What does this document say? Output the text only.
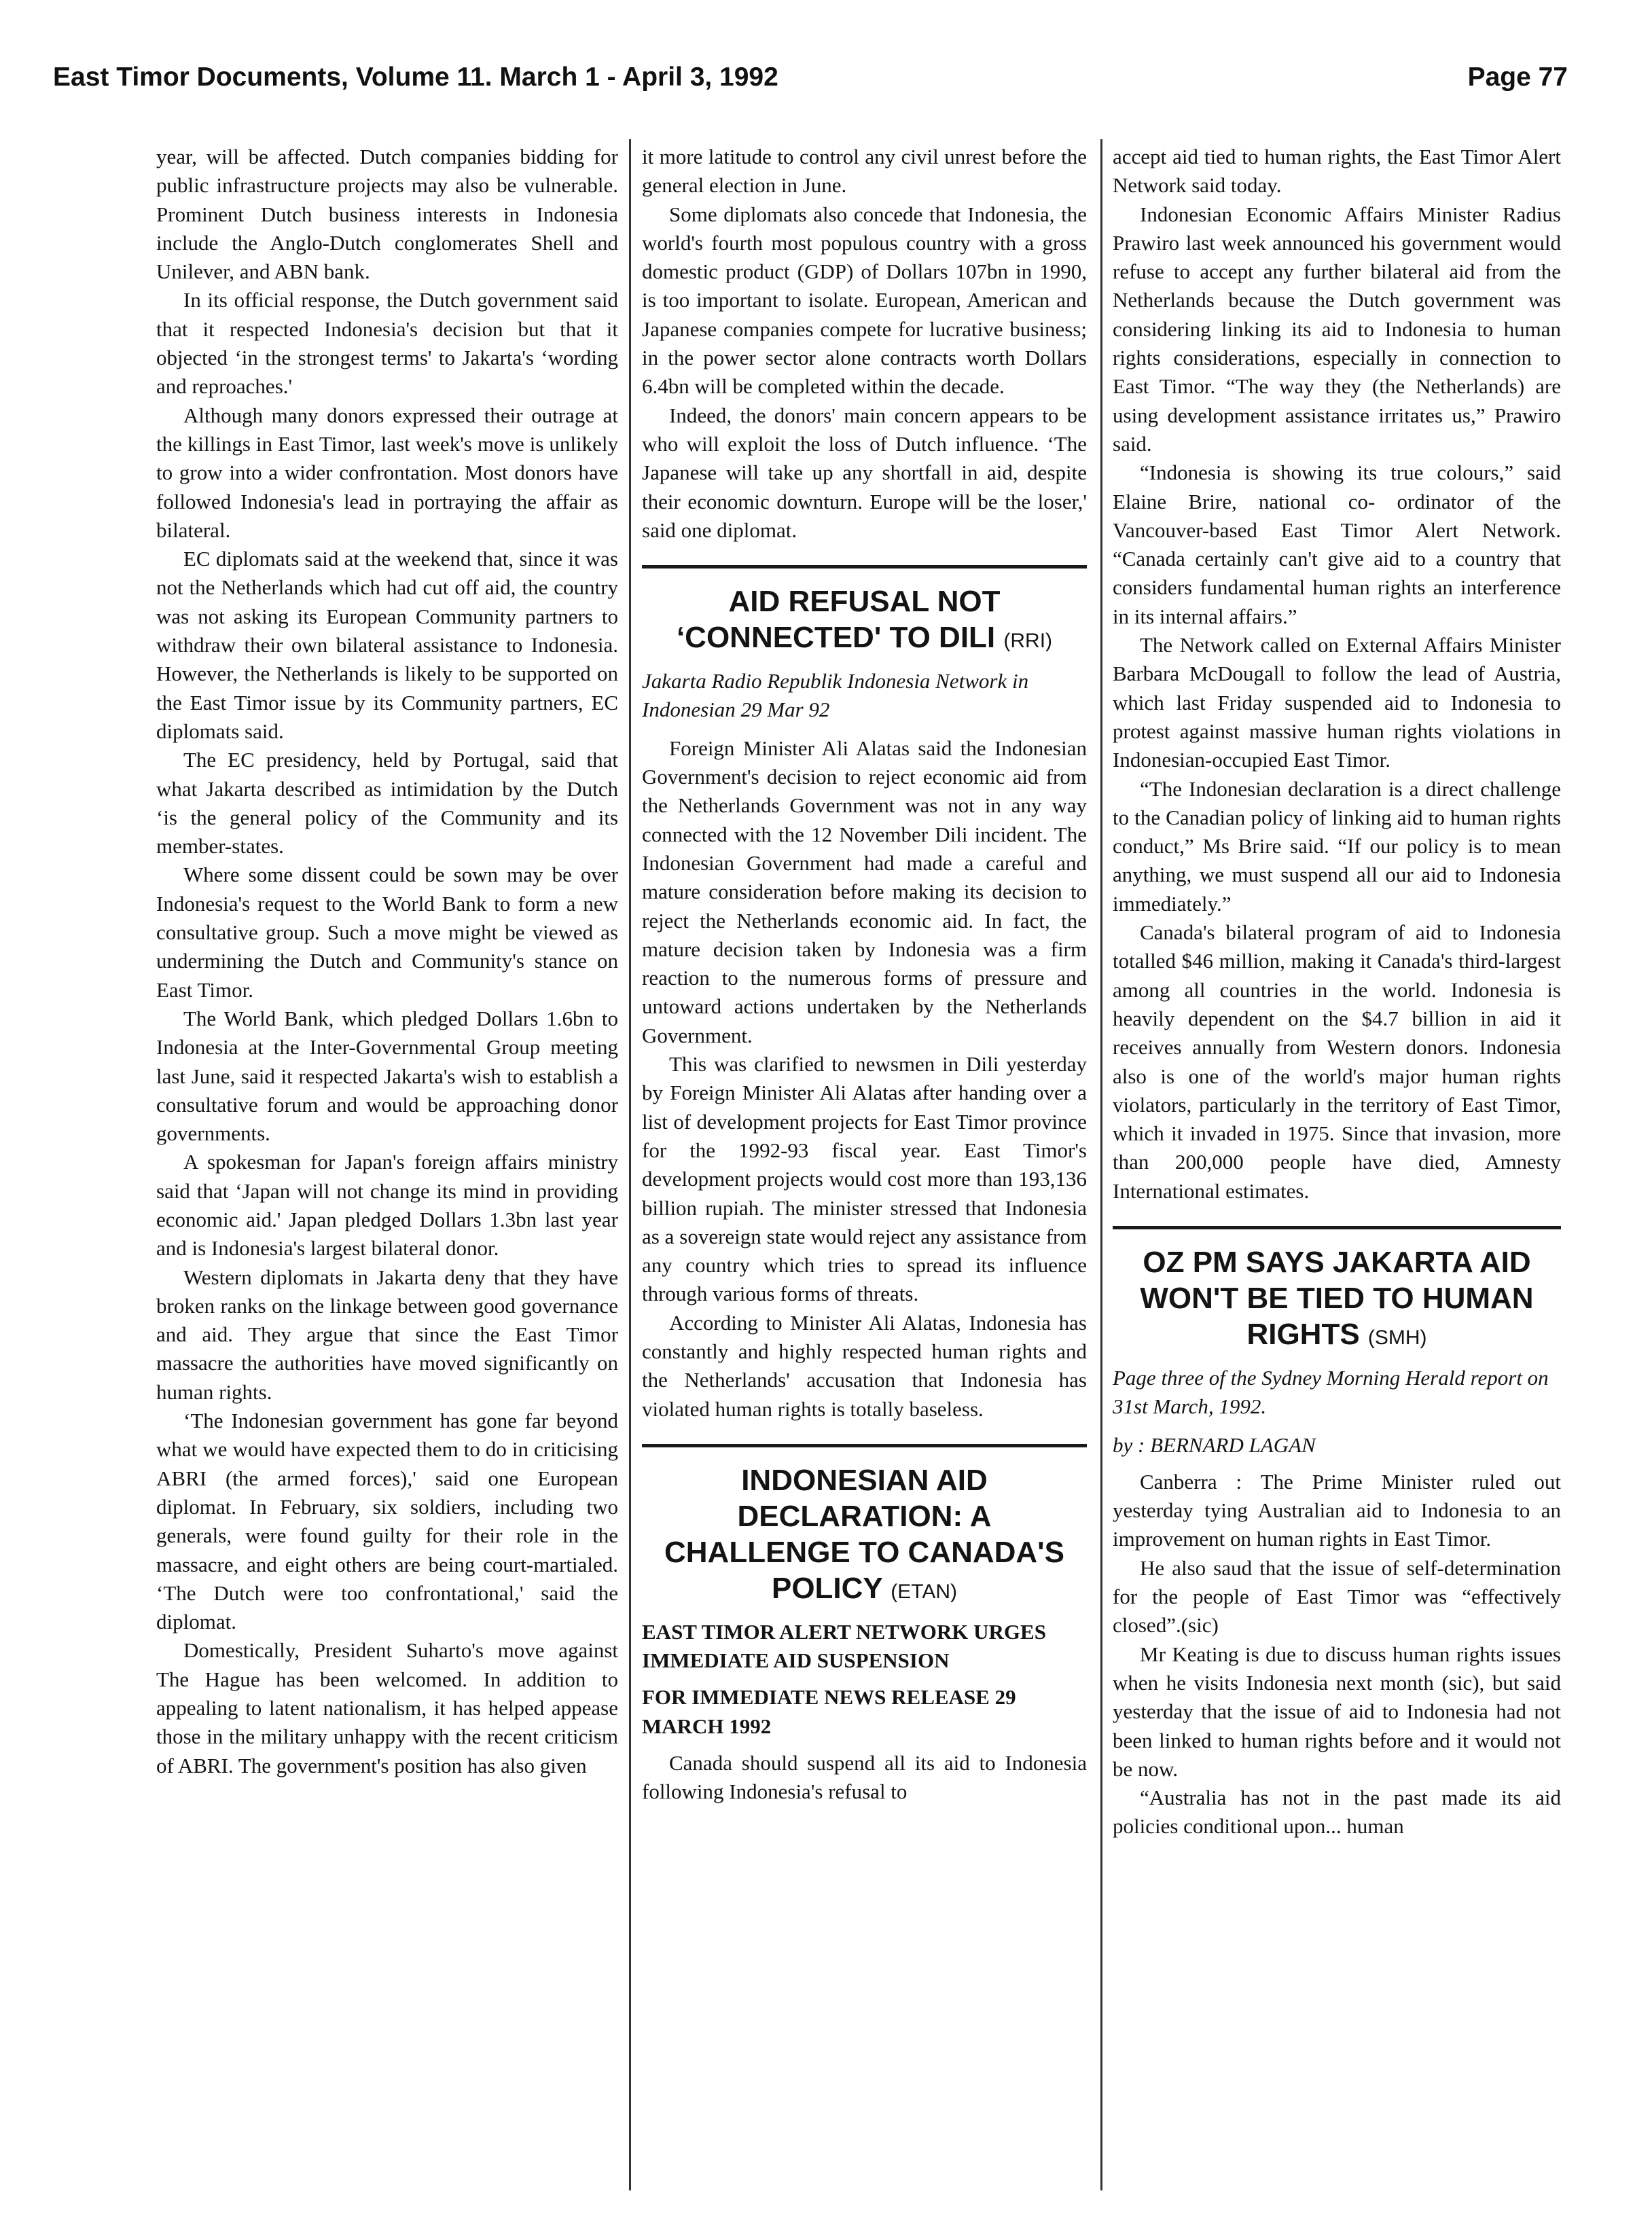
East Timor Documents, Volume 11. March 1 - April 3, 1992	Page 77

year, will be affected. Dutch companies bidding for public infrastructure projects may also be vulnerable. Prominent Dutch business interests in Indonesia include the Anglo-Dutch conglomerates Shell and Unilever, and ABN bank.

In its official response, the Dutch government said that it respected Indonesia's decision but that it objected ‘in the strongest terms' to Jakarta's ‘wording and reproaches.'

Although many donors expressed their outrage at the killings in East Timor, last week's move is unlikely to grow into a wider confrontation. Most donors have followed Indonesia's lead in portraying the affair as bilateral.

EC diplomats said at the weekend that, since it was not the Netherlands which had cut off aid, the country was not asking its European Community partners to withdraw their own bilateral assistance to Indonesia. However, the Netherlands is likely to be supported on the East Timor issue by its Community partners, EC diplomats said.

The EC presidency, held by Portugal, said that what Jakarta described as intimidation by the Dutch ‘is the general policy of the Community and its member-states.

Where some dissent could be sown may be over Indonesia's request to the World Bank to form a new consultative group. Such a move might be viewed as undermining the Dutch and Community's stance on East Timor.

The World Bank, which pledged Dollars 1.6bn to Indonesia at the Inter-Governmental Group meeting last June, said it respected Jakarta's wish to establish a consultative forum and would be approaching donor governments.

A spokesman for Japan's foreign affairs ministry said that ‘Japan will not change its mind in providing economic aid.' Japan pledged Dollars 1.3bn last year and is Indonesia's largest bilateral donor.

Western diplomats in Jakarta deny that they have broken ranks on the linkage between good governance and aid. They argue that since the East Timor massacre the authorities have moved significantly on human rights.

‘The Indonesian government has gone far beyond what we would have expected them to do in criticising ABRI (the armed forces),' said one European diplomat. In February, six soldiers, including two generals, were found guilty for their role in the massacre, and eight others are being court-martialed. ‘The Dutch were too confrontational,' said the diplomat.

Domestically, President Suharto's move against The Hague has been welcomed. In addition to appealing to latent nationalism, it has helped appease those in the military unhappy with the recent criticism of ABRI. The government's position has also given

it more latitude to control any civil unrest before the general election in June.

Some diplomats also concede that Indonesia, the world's fourth most populous country with a gross domestic product (GDP) of Dollars 107bn in 1990, is too important to isolate. European, American and Japanese companies compete for lucrative business; in the power sector alone contracts worth Dollars 6.4bn will be completed within the decade.

Indeed, the donors' main concern appears to be who will exploit the loss of Dutch influence. ‘The Japanese will take up any shortfall in aid, despite their economic downturn. Europe will be the loser,' said one diplomat.

AID REFUSAL NOT ‘CONNECTED' TO DILI (RRI)
Jakarta Radio Republik Indonesia Network in Indonesian 29 Mar 92

Foreign Minister Ali Alatas said the Indonesian Government's decision to reject economic aid from the Netherlands Government was not in any way connected with the 12 November Dili incident. The Indonesian Government had made a careful and mature consideration before making its decision to reject the Netherlands economic aid. In fact, the mature decision taken by Indonesia was a firm reaction to the numerous forms of pressure and untoward actions undertaken by the Netherlands Government.

This was clarified to newsmen in Dili yesterday by Foreign Minister Ali Alatas after handing over a list of development projects for East Timor province for the 1992-93 fiscal year. East Timor's development projects would cost more than 193,136 billion rupiah. The minister stressed that Indonesia as a sovereign state would reject any assistance from any country which tries to spread its influence through various forms of threats.

According to Minister Ali Alatas, Indonesia has constantly and highly respected human rights and the Netherlands' accusation that Indonesia has violated human rights is totally baseless.

INDONESIAN AID DECLARATION: A CHALLENGE TO CANADA'S POLICY (ETAN)
EAST TIMOR ALERT NETWORK URGES IMMEDIATE AID SUSPENSION
FOR IMMEDIATE NEWS RELEASE 29 MARCH 1992

Canada should suspend all its aid to Indonesia following Indonesia's refusal to

accept aid tied to human rights, the East Timor Alert Network said today.

Indonesian Economic Affairs Minister Radius Prawiro last week announced his government would refuse to accept any further bilateral aid from the Netherlands because the Dutch government was considering linking its aid to Indonesia to human rights considerations, especially in connection to East Timor. “The way they (the Netherlands) are using development assistance irritates us,” Prawiro said.

“Indonesia is showing its true colours,” said Elaine Brire, national co- ordinator of the Vancouver-based East Timor Alert Network. “Canada certainly can't give aid to a country that considers fundamental human rights an interference in its internal affairs.”

The Network called on External Affairs Minister Barbara McDougall to follow the lead of Austria, which last Friday suspended aid to Indonesia to protest against massive human rights violations in Indonesian-occupied East Timor.

“The Indonesian declaration is a direct challenge to the Canadian policy of linking aid to human rights conduct,” Ms Brire said. “If our policy is to mean anything, we must suspend all our aid to Indonesia immediately.”

Canada's bilateral program of aid to Indonesia totalled $46 million, making it Canada's third-largest among all countries in the world. Indonesia is heavily dependent on the $4.7 billion in aid it receives annually from Western donors. Indonesia also is one of the world's major human rights violators, particularly in the territory of East Timor, which it invaded in 1975. Since that invasion, more than 200,000 people have died, Amnesty International estimates.

OZ PM SAYS JAKARTA AID WON'T BE TIED TO HUMAN RIGHTS (SMH)
Page three of the Sydney Morning Herald report on 31st March, 1992.
by : BERNARD LAGAN

Canberra : The Prime Minister ruled out yesterday tying Australian aid to Indonesia to an improvement on human rights in East Timor.

He also saud that the issue of self-determination for the people of East Timor was “effectively closed”.(sic)

Mr Keating is due to discuss human rights issues when he visits Indonesia next month (sic), but said yesterday that the issue of aid to Indonesia had not been linked to human rights before and it would not be now.

“Australia has not in the past made its aid policies conditional upon... human
